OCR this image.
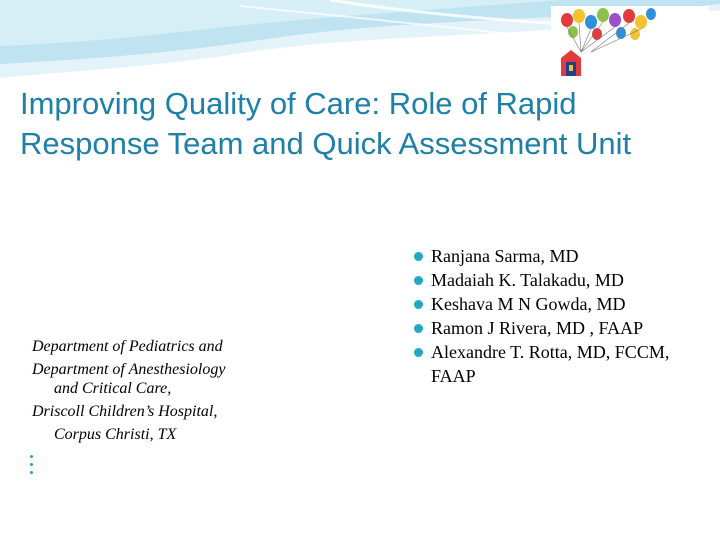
Improving Quality of Care: Role of Rapid Response Team and Quick Assessment Unit
Ranjana Sarma, MD
Madaiah K. Talakadu, MD
Keshava M N Gowda, MD
Ramon J Rivera, MD , FAAP
Alexandre T. Rotta, MD, FCCM, FAAP
Department of Pediatrics and
Department of Anesthesiology
and Critical Care,
Driscoll Children’s Hospital,
Corpus Christi, TX
